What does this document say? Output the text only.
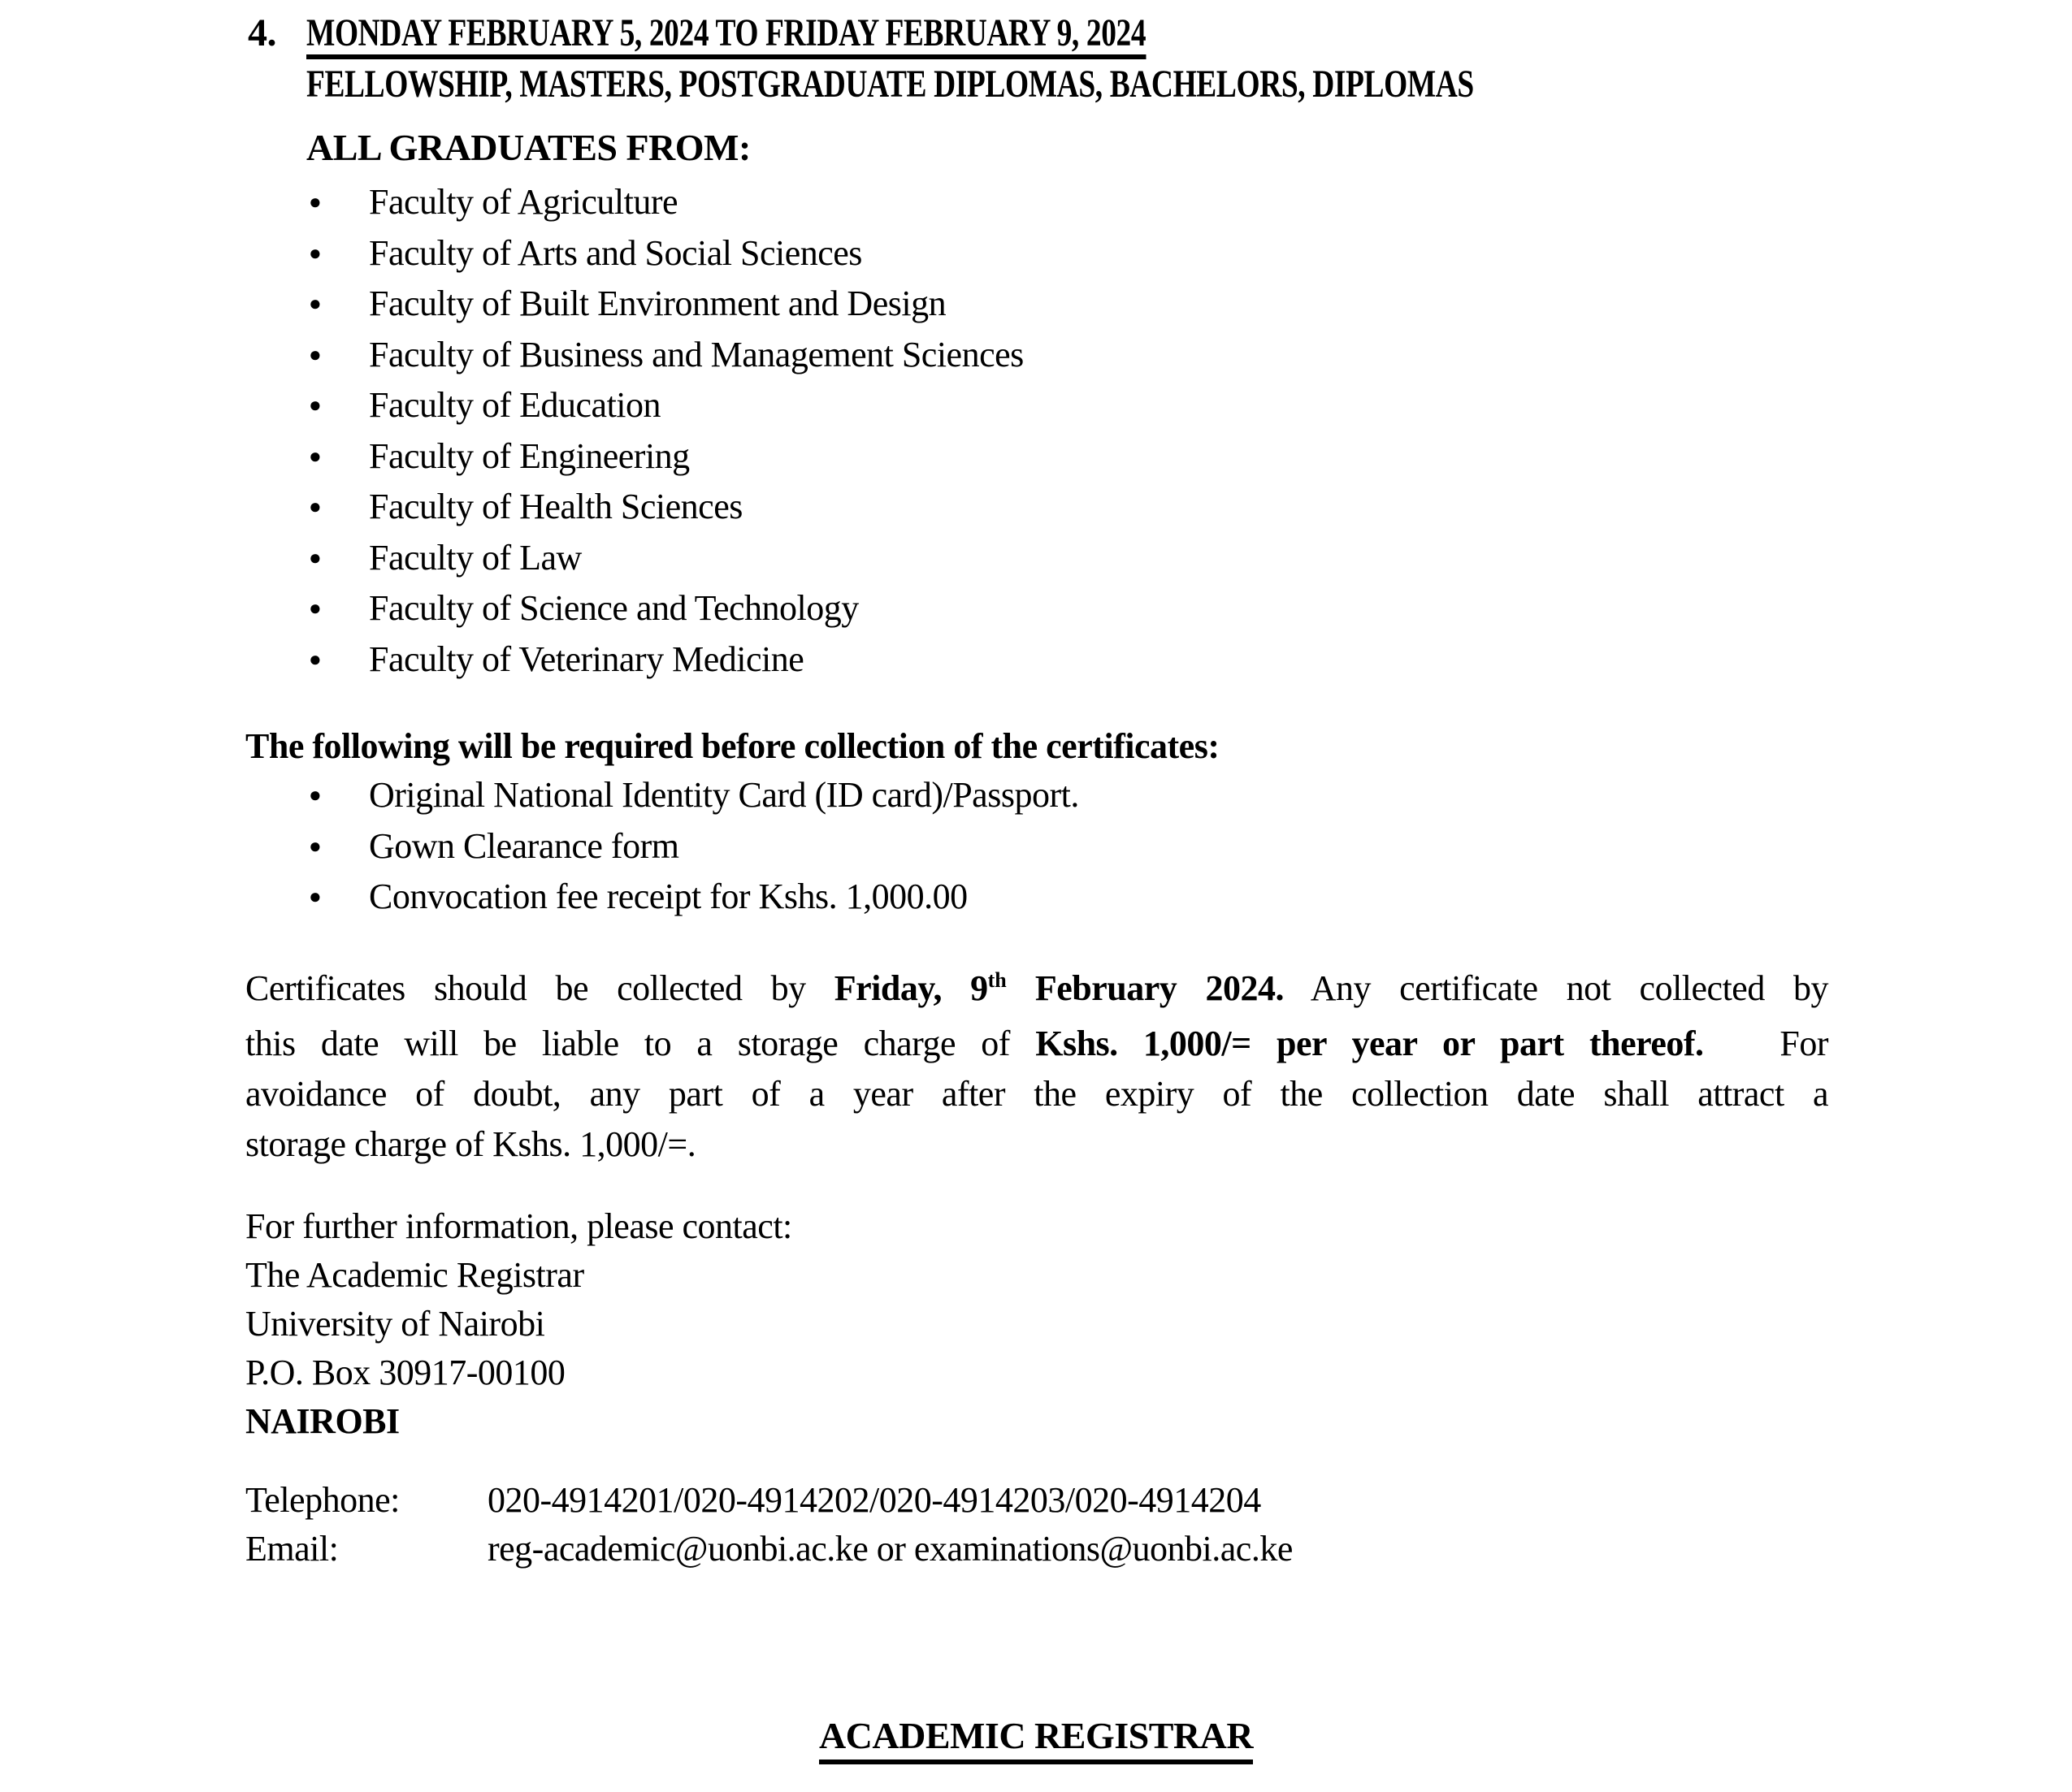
4. MONDAY FEBRUARY 5, 2024 TO FRIDAY FEBRUARY 9, 2024
FELLOWSHIP, MASTERS, POSTGRADUATE DIPLOMAS, BACHELORS, DIPLOMAS
ALL GRADUATES FROM:
● Faculty of Agriculture
● Faculty of Arts and Social Sciences
● Faculty of Built Environment and Design
● Faculty of Business and Management Sciences
● Faculty of Education
● Faculty of Engineering
● Faculty of Health Sciences
● Faculty of Law
● Faculty of Science and Technology
● Faculty of Veterinary Medicine
The following will be required before collection of the certificates:
● Original National Identity Card (ID card)/Passport.
● Gown Clearance form
● Convocation fee receipt for Kshs. 1,000.00
Certificates should be collected by Friday, 9th February 2024. Any certificate not collected by
this date will be liable to a storage charge of Kshs. 1,000/= per year or part thereof.   For
avoidance of doubt, any part of a year after the expiry of the collection date shall attract a
storage charge of Kshs. 1,000/=.
For further information, please contact:
The Academic Registrar
University of Nairobi
P.O. Box 30917-00100
NAIROBI
Telephone:	020-4914201/020-4914202/020-4914203/020-4914204
Email:	reg-academic@uonbi.ac.ke or examinations@uonbi.ac.ke
ACADEMIC REGISTRAR
